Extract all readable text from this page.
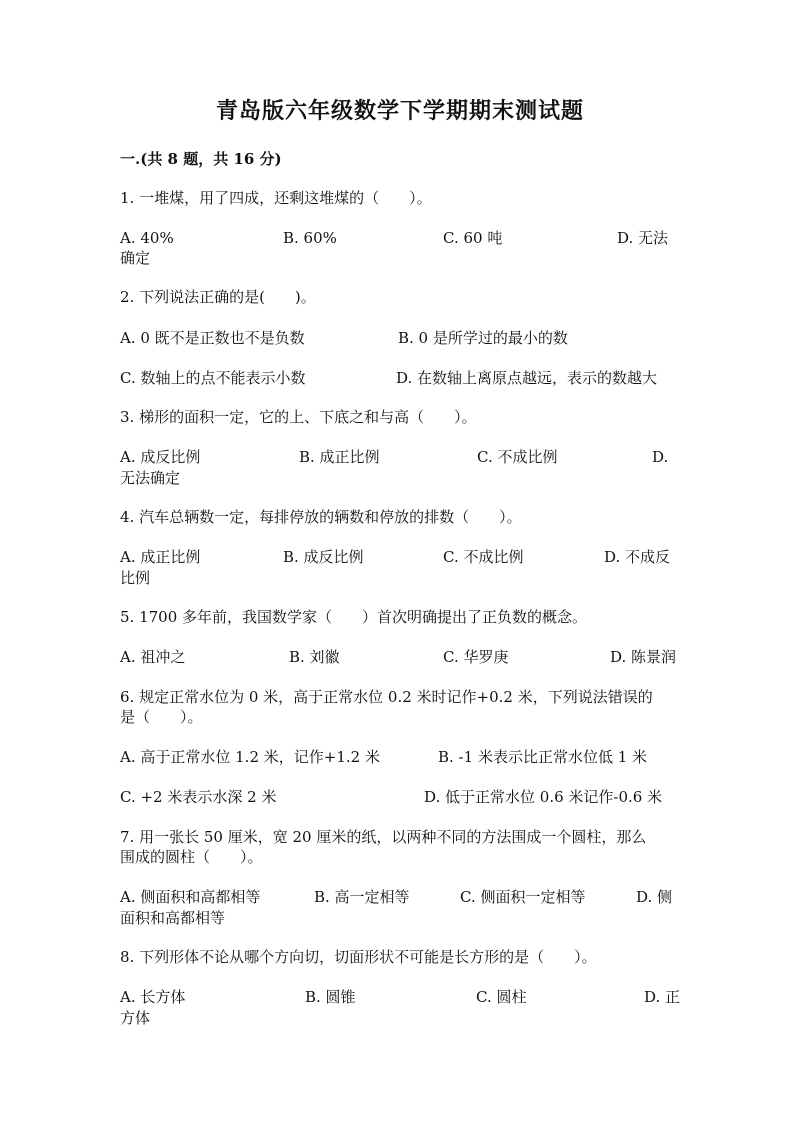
青岛版六年级数学下学期期末测试题
一.(共 8 题，共 16 分)
1. 一堆煤，用了四成，还剩这堆煤的（　　）。
A. 40%	B. 60%	C. 60 吨	D. 无法
确定
2. 下列说法正确的是(　　)。
A. 0 既不是正数也不是负数	B. 0 是所学过的最小的数
C. 数轴上的点不能表示小数	D. 在数轴上离原点越远，表示的数越大
3. 梯形的面积一定，它的上、下底之和与高（　　）。
A. 成反比例	B. 成正比例	C. 不成比例	D.
无法确定
4. 汽车总辆数一定，每排停放的辆数和停放的排数（　　）。
A. 成正比例	B. 成反比例	C. 不成比例	D. 不成反
比例
5. 1700 多年前，我国数学家（　　）首次明确提出了正负数的概念。
A. 祖冲之	B. 刘徽	C. 华罗庚	D. 陈景润
6. 规定正常水位为 0 米，高于正常水位 0.2 米时记作+0.2 米，下列说法错误的
是（　　）。
A. 高于正常水位 1.2 米，记作+1.2 米	B. -1 米表示比正常水位低 1 米
C. +2 米表示水深 2 米	D. 低于正常水位 0.6 米记作-0.6 米
7. 用一张长 50 厘米，宽 20 厘米的纸，以两种不同的方法围成一个圆柱，那么
围成的圆柱（　　）。
A. 侧面积和高都相等	B. 高一定相等	C. 侧面积一定相等	D. 侧
面积和高都相等
8. 下列形体不论从哪个方向切，切面形状不可能是长方形的是（　　）。
A. 长方体	B. 圆锥	C. 圆柱	D. 正
方体
